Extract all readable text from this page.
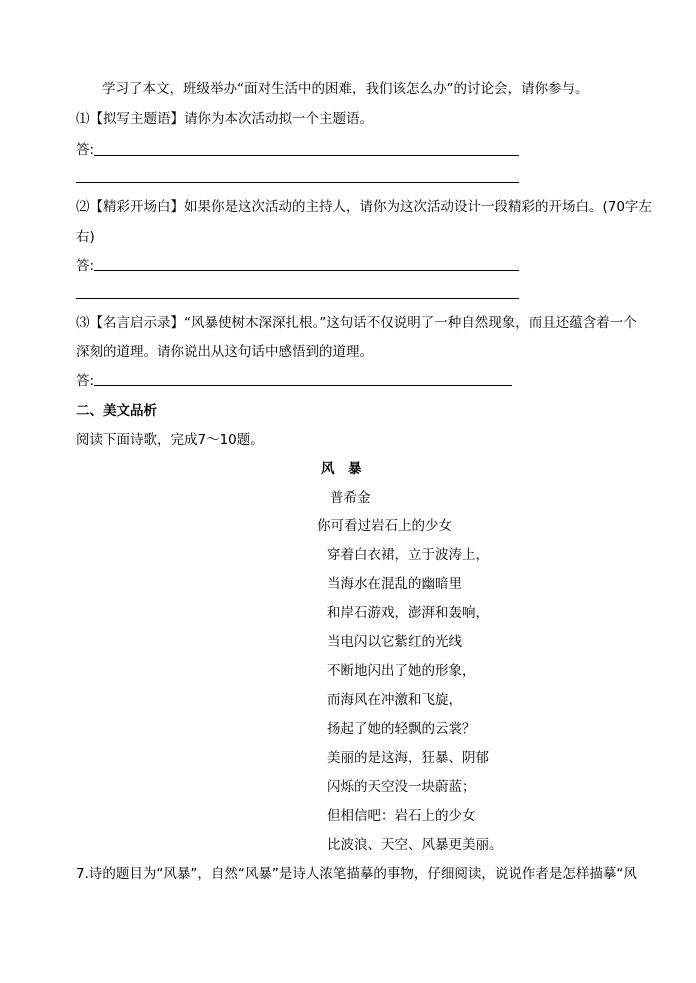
学习了本文，班级举办“面对生活中的困难，我们该怎么办”的讨论会，请你参与。
⑴【拟写主题语】请你为本次活动拟一个主题语。
答:
⑵【精彩开场白】如果你是这次活动的主持人，请你为这次活动设计一段精彩的开场白。(70字左
右)
答:
⑶【名言启示录】“风暴使树木深深扎根。”这句话不仅说明了一种自然现象，而且还蕴含着一个
深刻的道理。请你说出从这句话中感悟到的道理。
答:
二、美文品析
阅读下面诗歌，完成7～10题。
风　暴
普希金
你可看过岩石上的少女
穿着白衣裙，立于波涛上，
当海水在混乱的幽暗里
和岸石游戏，澎湃和轰响，
当电闪以它紫红的光线
不断地闪出了她的形象，
而海风在冲激和飞旋，
扬起了她的轻飘的云裳？
美丽的是这海，狂暴、阴郁
闪烁的天空没一块蔚蓝；
但相信吧：岩石上的少女
比波浪、天空、风暴更美丽。
7.诗的题目为“风暴”，自然“风暴”是诗人浓笔描摹的事物，仔细阅读，说说作者是怎样描摹“风
